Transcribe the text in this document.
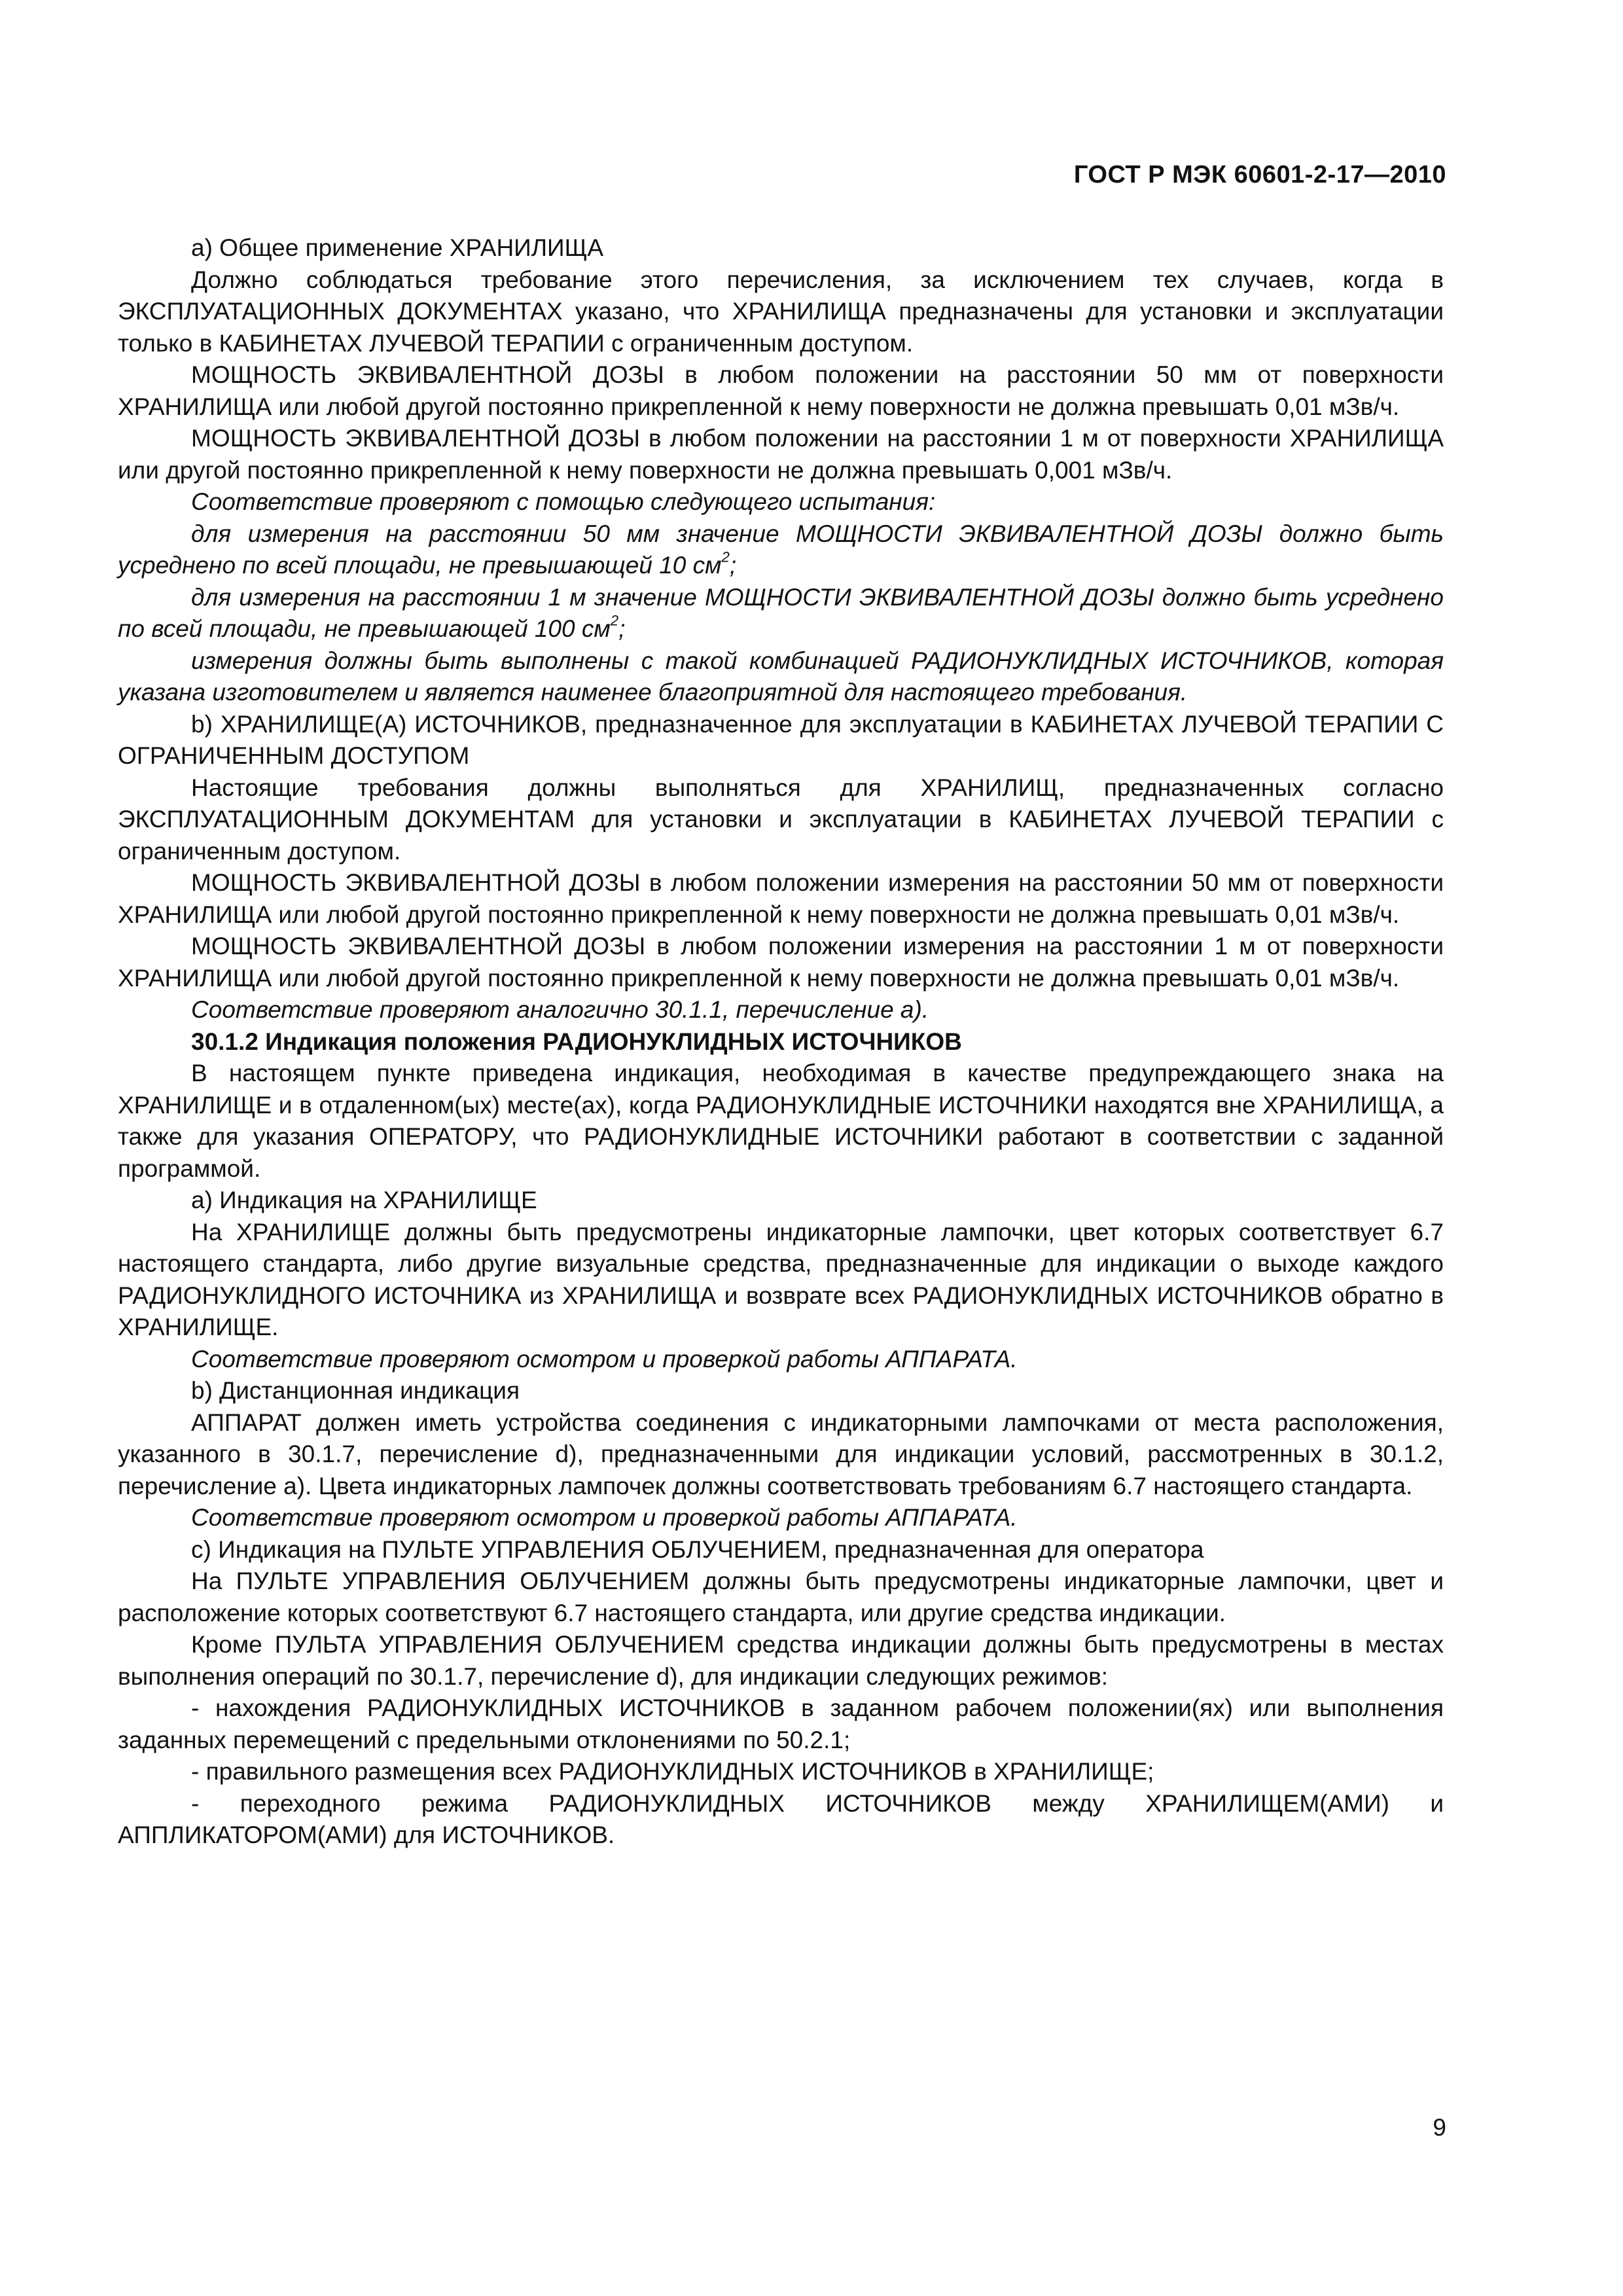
ГОСТ Р МЭК 60601-2-17—2010

а) Общее применение ХРАНИЛИЩА

Должно соблюдаться требование этого перечисления, за исключением тех случаев, когда в ЭКСПЛУАТАЦИОННЫХ ДОКУМЕНТАХ указано, что ХРАНИЛИЩА предназначены для установки и эксплуатации только в КАБИНЕТАХ ЛУЧЕВОЙ ТЕРАПИИ с ограниченным доступом.

МОЩНОСТЬ ЭКВИВАЛЕНТНОЙ ДОЗЫ в любом положении на расстоянии 50 мм от поверхности ХРАНИЛИЩА или любой другой постоянно прикрепленной к нему поверхности не должна превышать 0,01 мЗв/ч.

МОЩНОСТЬ ЭКВИВАЛЕНТНОЙ ДОЗЫ в любом положении на расстоянии 1 м от поверхности ХРАНИЛИЩА или другой постоянно прикрепленной к нему поверхности не должна превышать 0,001 мЗв/ч.

Соответствие проверяют с помощью следующего испытания:

для измерения на расстоянии 50 мм значение МОЩНОСТИ ЭКВИВАЛЕНТНОЙ ДОЗЫ должно быть усреднено по всей площади, не превышающей 10 $см^2$;

для измерения на расстоянии 1 м значение МОЩНОСТИ ЭКВИВАЛЕНТНОЙ ДОЗЫ должно быть усреднено по всей площади, не превышающей 100 $см^2$;

измерения должны быть выполнены с такой комбинацией РАДИОНУКЛИДНЫХ ИСТОЧНИКОВ, которая указана изготовителем и является наименее благоприятной для настоящего требования.

b) ХРАНИЛИЩЕ(А) ИСТОЧНИКОВ, предназначенное для эксплуатации в КАБИНЕТАХ ЛУЧЕВОЙ ТЕРАПИИ С ОГРАНИЧЕННЫМ ДОСТУПОМ

Настоящие требования должны выполняться для ХРАНИЛИЩ, предназначенных согласно ЭКСПЛУАТАЦИОННЫМ ДОКУМЕНТАМ для установки и эксплуатации в КАБИНЕТАХ ЛУЧЕВОЙ ТЕРАПИИ с ограниченным доступом.

МОЩНОСТЬ ЭКВИВАЛЕНТНОЙ ДОЗЫ в любом положении измерения на расстоянии 50 мм от поверхности ХРАНИЛИЩА или любой другой постоянно прикрепленной к нему поверхности не должна превышать 0,01 мЗв/ч.

МОЩНОСТЬ ЭКВИВАЛЕНТНОЙ ДОЗЫ в любом положении измерения на расстоянии 1 м от поверхности ХРАНИЛИЩА или любой другой постоянно прикрепленной к нему поверхности не должна превышать 0,01 мЗв/ч.

Соответствие проверяют аналогично 30.1.1, перечисление а).

30.1.2 Индикация положения РАДИОНУКЛИДНЫХ ИСТОЧНИКОВ

В настоящем пункте приведена индикация, необходимая в качестве предупреждающего знака на ХРАНИЛИЩЕ и в отдаленном(ых) месте(ах), когда РАДИОНУКЛИДНЫЕ ИСТОЧНИКИ находятся вне ХРАНИЛИЩА, а также для указания ОПЕРАТОРУ, что РАДИОНУКЛИДНЫЕ ИСТОЧНИКИ работают в соответствии с заданной программой.

а) Индикация на ХРАНИЛИЩЕ

На ХРАНИЛИЩЕ должны быть предусмотрены индикаторные лампочки, цвет которых соответствует 6.7 настоящего стандарта, либо другие визуальные средства, предназначенные для индикации о выходе каждого РАДИОНУКЛИДНОГО ИСТОЧНИКА из ХРАНИЛИЩА и возврате всех РАДИОНУКЛИДНЫХ ИСТОЧНИКОВ обратно в ХРАНИЛИЩЕ.

Соответствие проверяют осмотром и проверкой работы АППАРАТА.

b) Дистанционная индикация

АППАРАТ должен иметь устройства соединения с индикаторными лампочками от места расположения, указанного в 30.1.7, перечисление d), предназначенными для индикации условий, рассмотренных в 30.1.2, перечисление а). Цвета индикаторных лампочек должны соответствовать требованиям 6.7 настоящего стандарта.

Соответствие проверяют осмотром и проверкой работы АППАРАТА.

с) Индикация на ПУЛЬТЕ УПРАВЛЕНИЯ ОБЛУЧЕНИЕМ, предназначенная для оператора

На ПУЛЬТЕ УПРАВЛЕНИЯ ОБЛУЧЕНИЕМ должны быть предусмотрены индикаторные лампочки, цвет и расположение которых соответствуют 6.7 настоящего стандарта, или другие средства индикации.

Кроме ПУЛЬТА УПРАВЛЕНИЯ ОБЛУЧЕНИЕМ средства индикации должны быть предусмотрены в местах выполнения операций по 30.1.7, перечисление d), для индикации следующих режимов:

- нахождения РАДИОНУКЛИДНЫХ ИСТОЧНИКОВ в заданном рабочем положении(ях) или выполнения заданных перемещений с предельными отклонениями по 50.2.1;

- правильного размещения всех РАДИОНУКЛИДНЫХ ИСТОЧНИКОВ в ХРАНИЛИЩЕ;

- переходного режима РАДИОНУКЛИДНЫХ ИСТОЧНИКОВ между ХРАНИЛИЩЕМ(АМИ) и АППЛИКАТОРОМ(АМИ) для ИСТОЧНИКОВ.

9
